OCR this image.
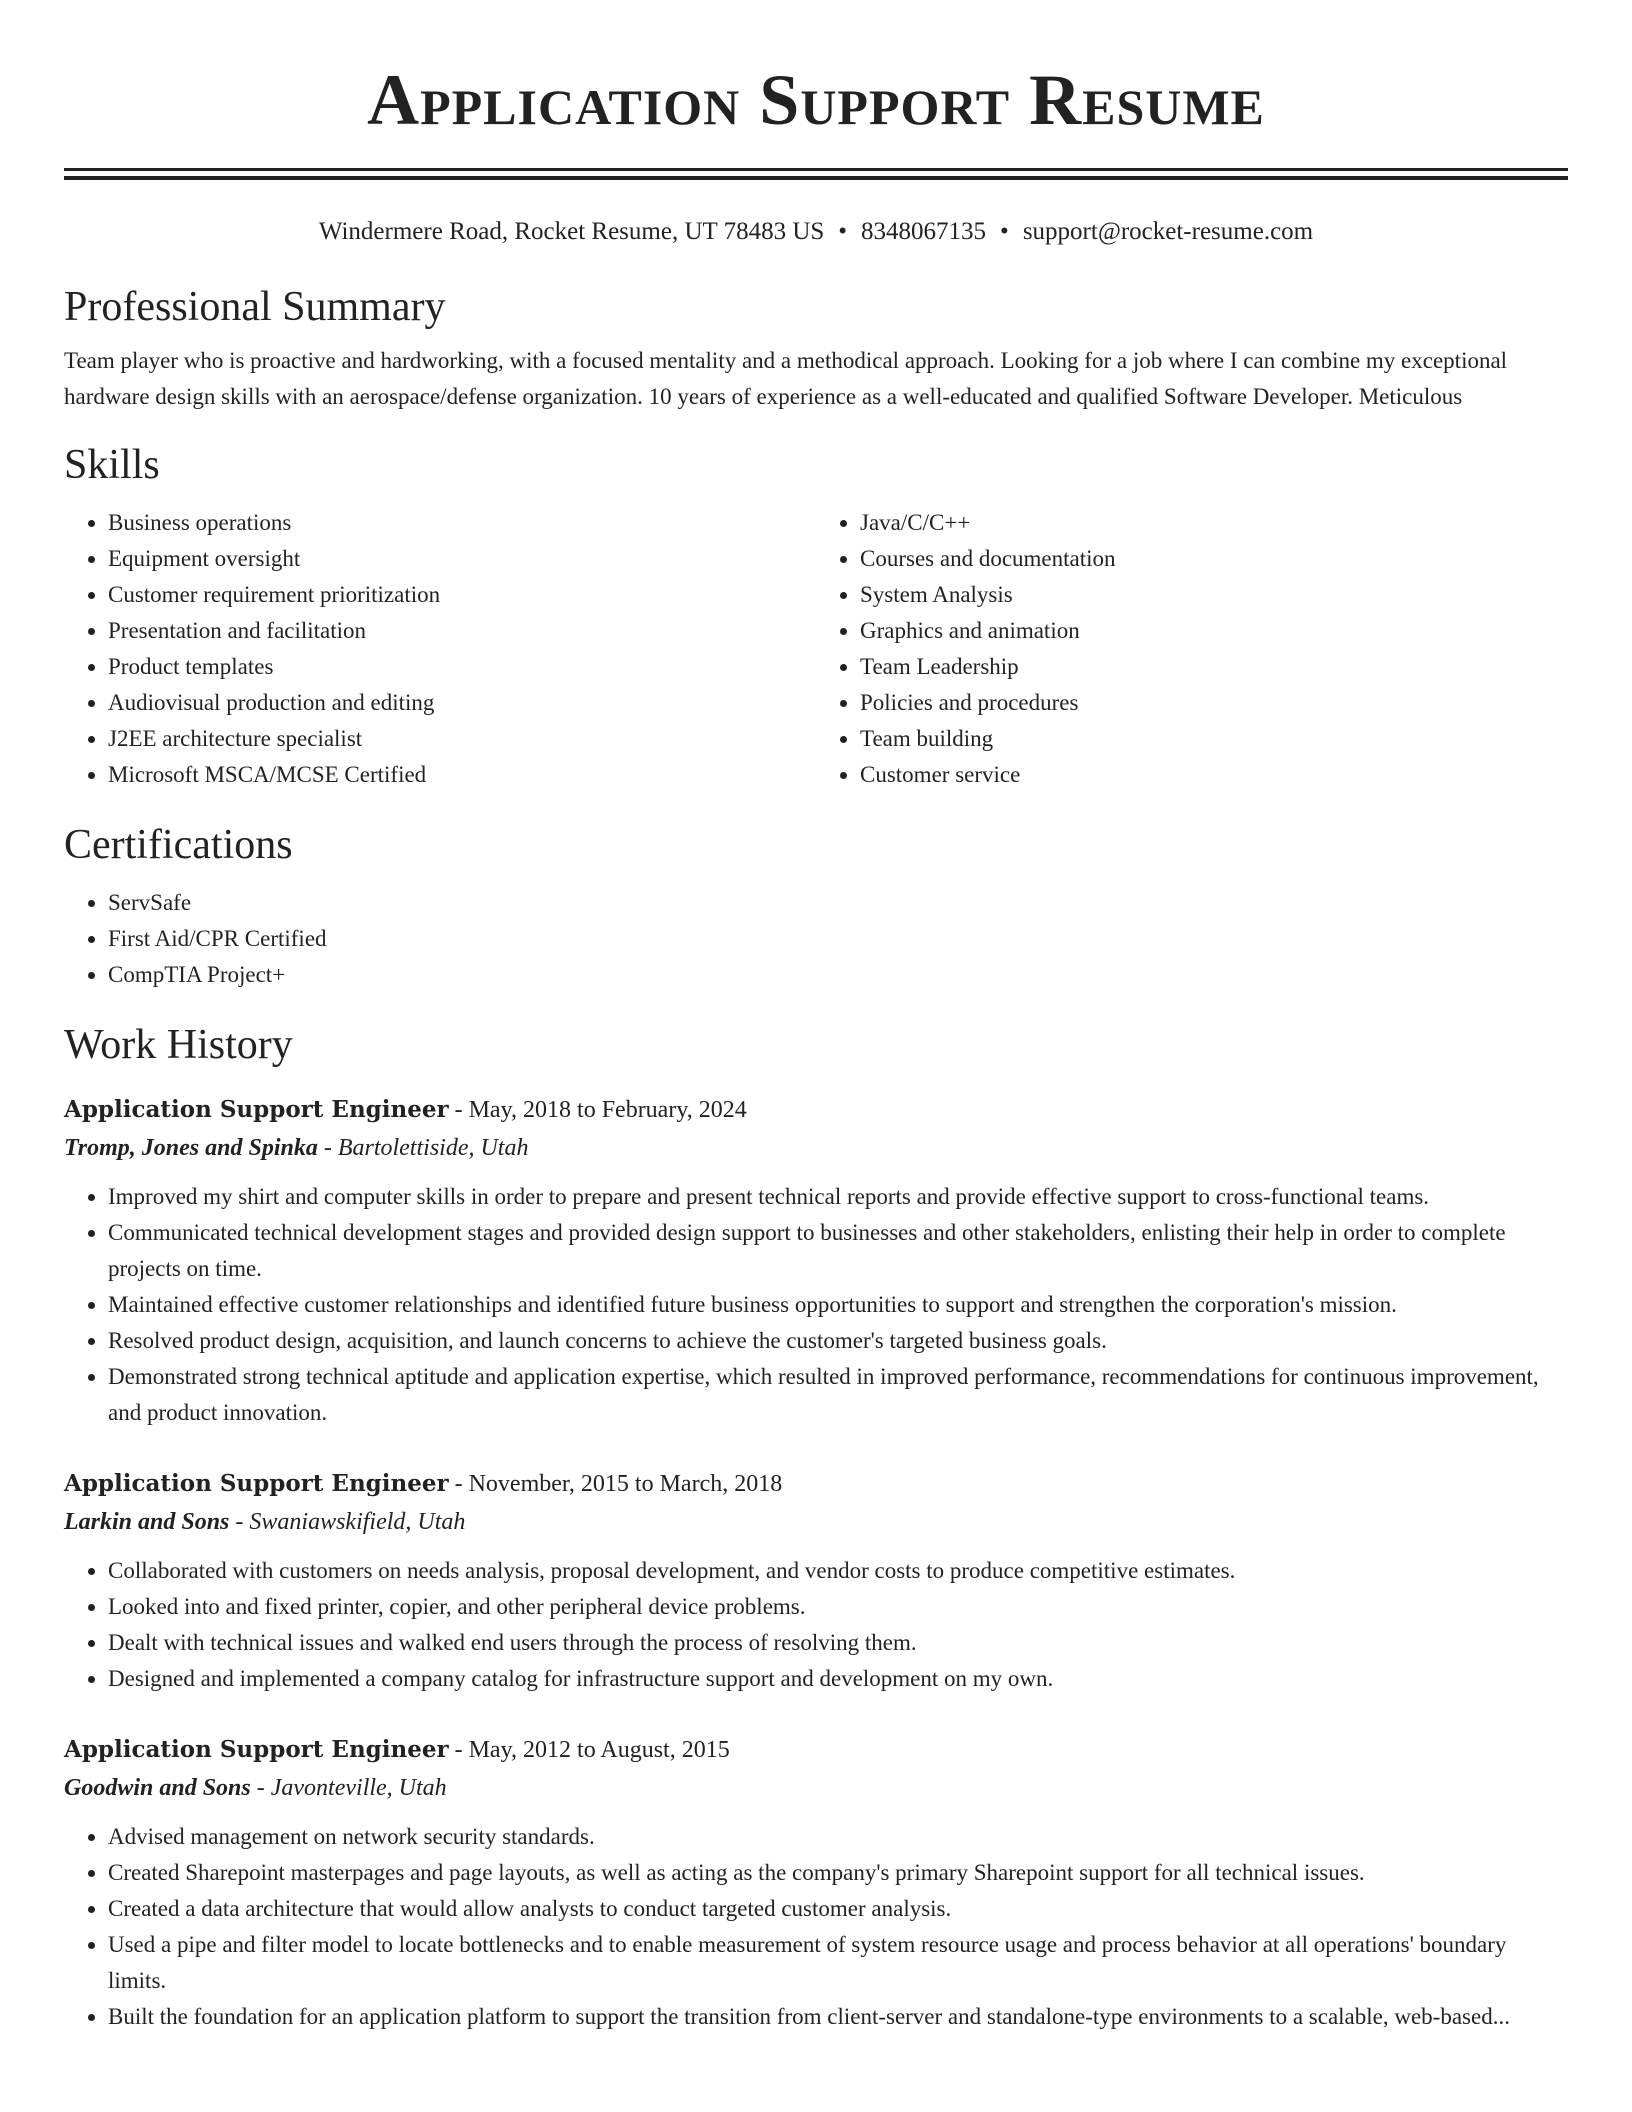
Application Support Resume
Windermere Road, Rocket Resume, UT 78483 US • 8348067135 • support@rocket-resume.com
Professional Summary

Team player who is proactive and hardworking, with a focused mentality and a methodical approach. Looking for a job where I can combine my exceptional hardware design skills with an aerospace/defense organization. 10 years of experience as a well-educated and qualified Software Developer. Meticulous

Skills
• Business operations
• Equipment oversight
• Customer requirement prioritization
• Presentation and facilitation
• Product templates
• Audiovisual production and editing
• J2EE architecture specialist
• Microsoft MSCA/MCSE Certified
• Java/C/C++
• Courses and documentation
• System Analysis
• Graphics and animation
• Team Leadership
• Policies and procedures
• Team building
• Customer service
Certifications
• ServSafe
• First Aid/CPR Certified
• CompTIA Project+
Work History
Application Support Engineer - May, 2018 to February, 2024
Tromp, Jones and Spinka - Bartolettiside, Utah
• Improved my shirt and computer skills in order to prepare and present technical reports and provide effective support to cross-functional teams.
• Communicated technical development stages and provided design support to businesses and other stakeholders, enlisting their help in order to complete projects on time.
• Maintained effective customer relationships and identified future business opportunities to support and strengthen the corporation's mission.
• Resolved product design, acquisition, and launch concerns to achieve the customer's targeted business goals.
• Demonstrated strong technical aptitude and application expertise, which resulted in improved performance, recommendations for continuous improvement, and product innovation.
Application Support Engineer - November, 2015 to March, 2018
Larkin and Sons - Swaniawskifield, Utah
• Collaborated with customers on needs analysis, proposal development, and vendor costs to produce competitive estimates.
• Looked into and fixed printer, copier, and other peripheral device problems.
• Dealt with technical issues and walked end users through the process of resolving them.
• Designed and implemented a company catalog for infrastructure support and development on my own.
Application Support Engineer - May, 2012 to August, 2015
Goodwin and Sons - Javonteville, Utah
• Advised management on network security standards.
• Created Sharepoint masterpages and page layouts, as well as acting as the company's primary Sharepoint support for all technical issues.
• Created a data architecture that would allow analysts to conduct targeted customer analysis.
• Used a pipe and filter model to locate bottlenecks and to enable measurement of system resource usage and process behavior at all operations' boundary limits.
• Built the foundation for an application platform to support the transition from client-server and standalone-type environments to a scalable, web-based...
